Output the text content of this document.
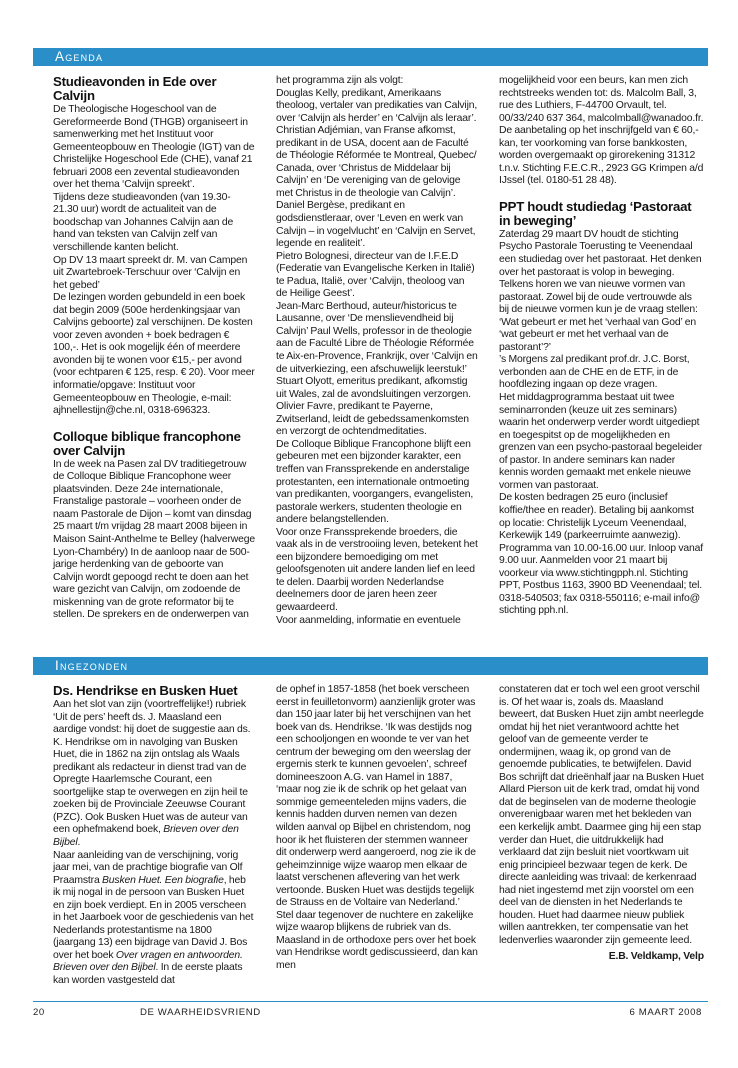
Agenda
Studieavonden in Ede over Calvijn

De Theologische Hogeschool van de Gereformeerde Bond (THGB) organiseert in samenwerking met het Instituut voor Gemeenteopbouw en Theologie (IGT) van de Christelijke Hogeschool Ede (CHE), vanaf 21 februari 2008 een zevental studieavonden over het thema ‘Calvijn spreekt’.

Tijdens deze studieavonden (van 19.30-21.30 uur) wordt de actualiteit van de boodschap van Johannes Calvijn aan de hand van teksten van Calvijn zelf van verschillende kanten belicht.

Op DV 13 maart spreekt dr. M. van Campen uit Zwartebroek-Terschuur over ‘Calvijn en het gebed’

De lezingen worden gebundeld in een boek dat begin 2009 (500e herdenkingsjaar van Calvijns geboorte) zal verschijnen. De kosten voor zeven avonden + boek bedragen € 100,-. Het is ook mogelijk één of meerdere avonden bij te wonen voor €15,- per avond (voor echtparen € 125, resp. € 20). Voor meer informatie/opgave: Instituut voor Gemeenteopbouw en Theologie, e-mail: ajhnellestijn@che.nl, 0318-696323.

Colloque biblique francophone over Calvijn

In de week na Pasen zal DV traditiegetrouw de Colloque Biblique Francophone weer plaatsvinden. Deze 24e internationale, Franstalige pastorale – voorheen onder de naam Pastorale de Dijon – komt van dinsdag 25 maart t/m vrijdag 28 maart 2008 bijeen in Maison Saint-Anthelme te Belley (halverwege Lyon-Chambéry) In de aanloop naar de 500-jarige herdenking van de geboorte van Calvijn wordt gepoogd recht te doen aan het ware gezicht van Calvijn, om zodoende de miskenning van de grote reformator bij te stellen. De sprekers en de onderwerpen van

het programma zijn als volgt:

Douglas Kelly, predikant, Amerikaans theoloog, vertaler van predikaties van Calvijn, over ‘Calvijn als herder’ en ‘Calvijn als leraar’.

Christian Adjémian, van Franse afkomst, predikant in de USA, docent aan de Faculté de Théologie Réformée te Montreal, Quebec/ Canada, over ‘Christus de Middelaar bij Calvijn’ en ‘De vereniging van de gelovige met Christus in de theologie van Calvijn’.

Daniel Bergèse, predikant en godsdienstleraar, over ‘Leven en werk van Calvijn – in vogelvlucht’ en ‘Calvijn en Servet, legende en realiteit’.

Pietro Bolognesi, directeur van de I.F.E.D (Federatie van Evangelische Kerken in Italië) te Padua, Italië, over ‘Calvijn, theoloog van de Heilige Geest’.

Jean-Marc Berthoud, auteur/historicus te Lausanne, over ‘De menslievendheid bij Calvijn’ Paul Wells, professor in de theologie aan de Faculté Libre de Théologie Réformée te Aix-en-Provence, Frankrijk, over ‘Calvijn en de uitverkiezing, een afschuwelijk leerstuk!’ Stuart Olyott, emeritus predikant, afkomstig uit Wales, zal de avondsluitingen verzorgen. Olivier Favre, predikant te Payerne, Zwitserland, leidt de gebedssamenkomsten en verzorgt de ochtendmeditaties.

De Colloque Biblique Francophone blijft een gebeuren met een bijzonder karakter, een treffen van Franssprekende en anderstalige protestanten, een internationale ontmoeting van predikanten, voorgangers, evangelisten, pastorale werkers, studenten theologie en andere belangstellenden.

Voor onze Franssprekende broeders, die vaak als in de verstrooiing leven, betekent het een bijzondere bemoediging om met geloofsgenoten uit andere landen lief en leed te delen. Daarbij worden Nederlandse deelnemers door de jaren heen zeer gewaardeerd.

Voor aanmelding, informatie en eventuele

mogelijkheid voor een beurs, kan men zich rechtstreeks wenden tot: ds. Malcolm Ball, 3, rue des Luthiers, F-44700 Orvault, tel. 00/33/240 637 364, malcolmball@wanadoo.fr.

De aanbetaling op het inschrijfgeld van € 60,- kan, ter voorkoming van forse bankkosten, worden overgemaakt op girorekening 31312 t.n.v. Stichting F.E.C.R., 2923 GG Krimpen a/d IJssel (tel. 0180-51 28 48).

PPT houdt studiedag ‘Pastoraat in beweging’

Zaterdag 29 maart DV houdt de stichting Psycho Pastorale Toerusting te Veenendaal een studiedag over het pastoraat. Het denken over het pastoraat is volop in beweging. Telkens horen we van nieuwe vormen van pastoraat. Zowel bij de oude vertrouwde als bij de nieuwe vormen kun je de vraag stellen: ‘Wat gebeurt er met het ‘verhaal van God’ en ‘wat gebeurt er met het verhaal van de pastorant’?’

’s Morgens zal predikant prof.dr. J.C. Borst, verbonden aan de CHE en de ETF, in de hoofdlezing ingaan op deze vragen.

Het middagprogramma bestaat uit twee seminarronden (keuze uit zes seminars) waarin het onderwerp verder wordt uitgediept en toegespitst op de mogelijkheden en grenzen van een psycho-pastoraal begeleider of pastor. In andere seminars kan nader kennis worden gemaakt met enkele nieuwe vormen van pastoraat.

De kosten bedragen 25 euro (inclusief koffie/thee en reader). Betaling bij aankomst op locatie: Christelijk Lyceum Veenendaal, Kerkewijk 149 (parkeerruimte aanwezig). Programma van 10.00-16.00 uur. Inloop vanaf 9.00 uur. Aanmelden voor 21 maart bij voorkeur via www.stichtingpph.nl. Stichting PPT, Postbus 1163, 3900 BD Veenendaal; tel. 0318-540503; fax 0318-550116; e-mail info@ stichting pph.nl.

Ingezonden
Ds. Hendrikse en Busken Huet

Aan het slot van zijn (voortreffelijke!) rubriek ‘Uit de pers’ heeft ds. J. Maasland een aardige vondst: hij doet de suggestie aan ds. K. Hendrikse om in navolging van Busken Huet, die in 1862 na zijn ontslag als Waals predikant als redacteur in dienst trad van de Opregte Haarlemsche Courant, een soortgelijke stap te overwegen en zijn heil te zoeken bij de Provinciale Zeeuwse Courant (PZC). Ook Busken Huet was de auteur van een ophefmakend boek, Brieven over den Bijbel.

Naar aanleiding van de verschijning, vorig jaar mei, van de prachtige biografie van Olf Praamstra Busken Huet. Een biografie, heb ik mij nogal in de persoon van Busken Huet en zijn boek verdiept. En in 2005 verscheen in het Jaarboek voor de geschiedenis van het Nederlands protestantisme na 1800 (jaargang 13) een bijdrage van David J. Bos over het boek Over vragen en antwoorden. Brieven over den Bijbel. In de eerste plaats kan worden vastgesteld dat

de ophef in 1857-1858 (het boek verscheen eerst in feuilletonvorm) aanzienlijk groter was dan 150 jaar later bij het verschijnen van het boek van ds. Hendrikse. ‘Ik was destijds nog een schooljongen en woonde te ver van het centrum der beweging om den weerslag der ergernis sterk te kunnen gevoelen’, schreef domineeszoon A.G. van Hamel in 1887, ‘maar nog zie ik de schrik op het gelaat van sommige gemeenteleden mijns vaders, die kennis hadden durven nemen van dezen wilden aanval op Bijbel en christendom, nog hoor ik het fluisteren der stemmen wanneer dit onderwerp werd aangeroerd, nog zie ik de geheimzinnige wijze waarop men elkaar de laatst verschenen aflevering van het werk vertoonde. Busken Huet was destijds tegelijk de Strauss en de Voltaire van Nederland.’ Stel daar tegenover de nuchtere en zakelijke wijze waarop blijkens de rubriek van ds. Maasland in de orthodoxe pers over het boek van Hendrikse wordt gediscussieerd, dan kan men

constateren dat er toch wel een groot verschil is. Of het waar is, zoals ds. Maasland beweert, dat Busken Huet zijn ambt neerlegde omdat hij het niet verantwoord achtte het geloof van de gemeente verder te ondermijnen, waag ik, op grond van de genoemde publicaties, te betwijfelen. David Bos schrijft dat drieënhalf jaar na Busken Huet Allard Pierson uit de kerk trad, omdat hij vond dat de beginselen van de moderne theologie onverenigbaar waren met het bekleden van een kerkelijk ambt. Daarmee ging hij een stap verder dan Huet, die uitdrukkelijk had verklaard dat zijn besluit niet voortkwam uit enig principieel bezwaar tegen de kerk. De directe aanleiding was trivaal: de kerkenraad had niet ingestemd met zijn voorstel om een deel van de diensten in het Nederlands te houden. Huet had daarmee nieuw publiek willen aantrekken, ter compensatie van het ledenverlies waaronder zijn gemeente leed.

E.B. Veldkamp, Velp

20	DE WAARHEIDSVRIEND	6 MAART 2008
